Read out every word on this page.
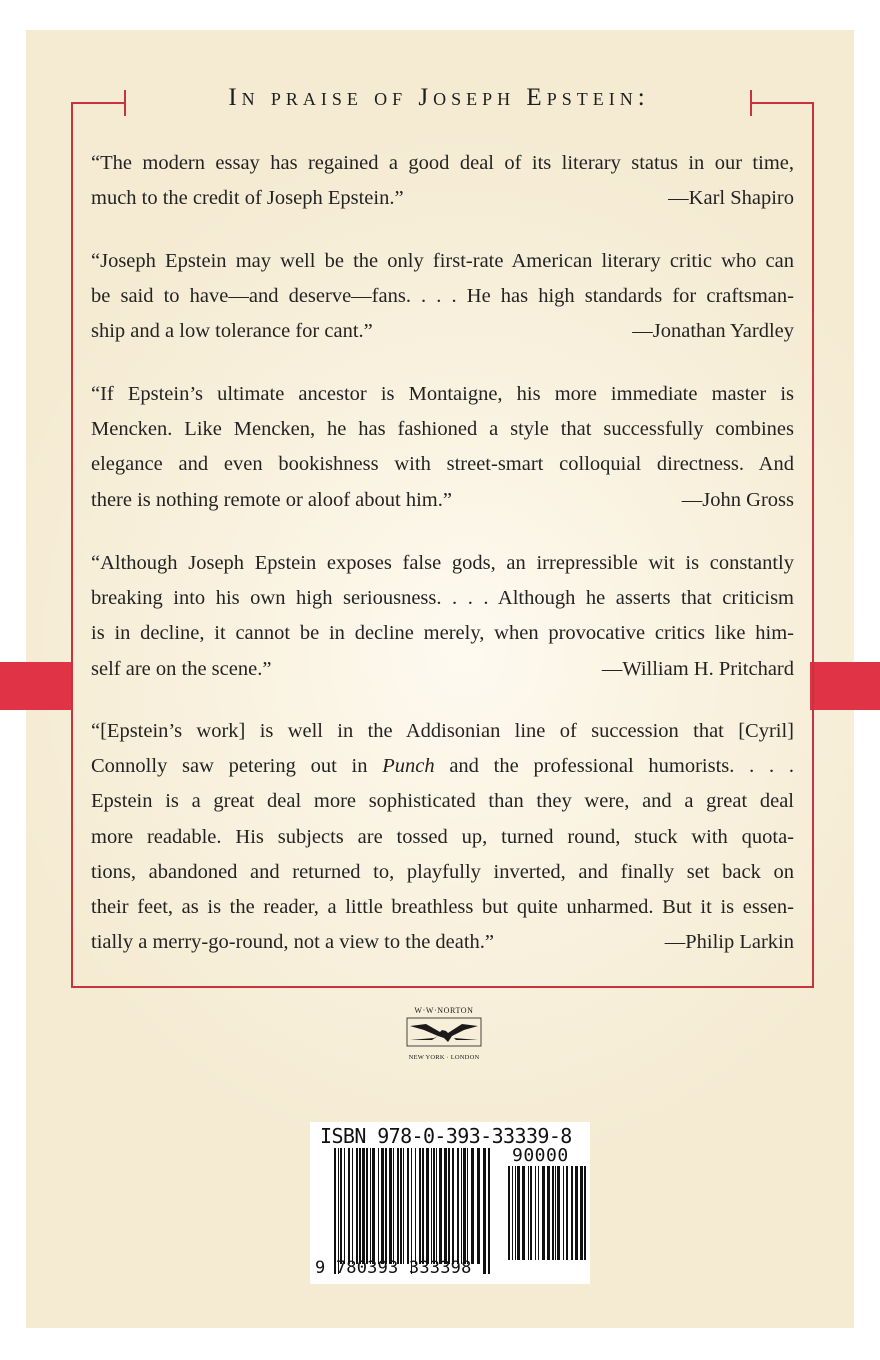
In praise of Joseph Epstein:
“The modern essay has regained a good deal of its literary status in our time,
much to the credit of Joseph Epstein.”	—Karl Shapiro
“Joseph Epstein may well be the only first-rate American literary critic who can
be said to have—and deserve—fans. . . . He has high standards for craftsman-
ship and a low tolerance for cant.”	—Jonathan Yardley
“If Epstein’s ultimate ancestor is Montaigne, his more immediate master is
Mencken. Like Mencken, he has fashioned a style that successfully combines
elegance and even bookishness with street-smart colloquial directness. And
there is nothing remote or aloof about him.”	—John Gross
“Although Joseph Epstein exposes false gods, an irrepressible wit is constantly
breaking into his own high seriousness. . . . Although he asserts that criticism
is in decline, it cannot be in decline merely, when provocative critics like him-
self are on the scene.”	—William H. Pritchard
“[Epstein’s work] is well in the Addisonian line of succession that [Cyril]
Connolly saw petering out in Punch and the professional humorists. . . .
Epstein is a great deal more sophisticated than they were, and a great deal
more readable. His subjects are tossed up, turned round, stuck with quota-
tions, abandoned and returned to, playfully inverted, and finally set back on
their feet, as is the reader, a little breathless but quite unharmed. But it is essen-
tially a merry-go-round, not a view to the death.”	—Philip Larkin
W·W·NORTON
NEW YORK · LONDON
ISBN 978-0-393-33339-8
90000
9 780393 333398
